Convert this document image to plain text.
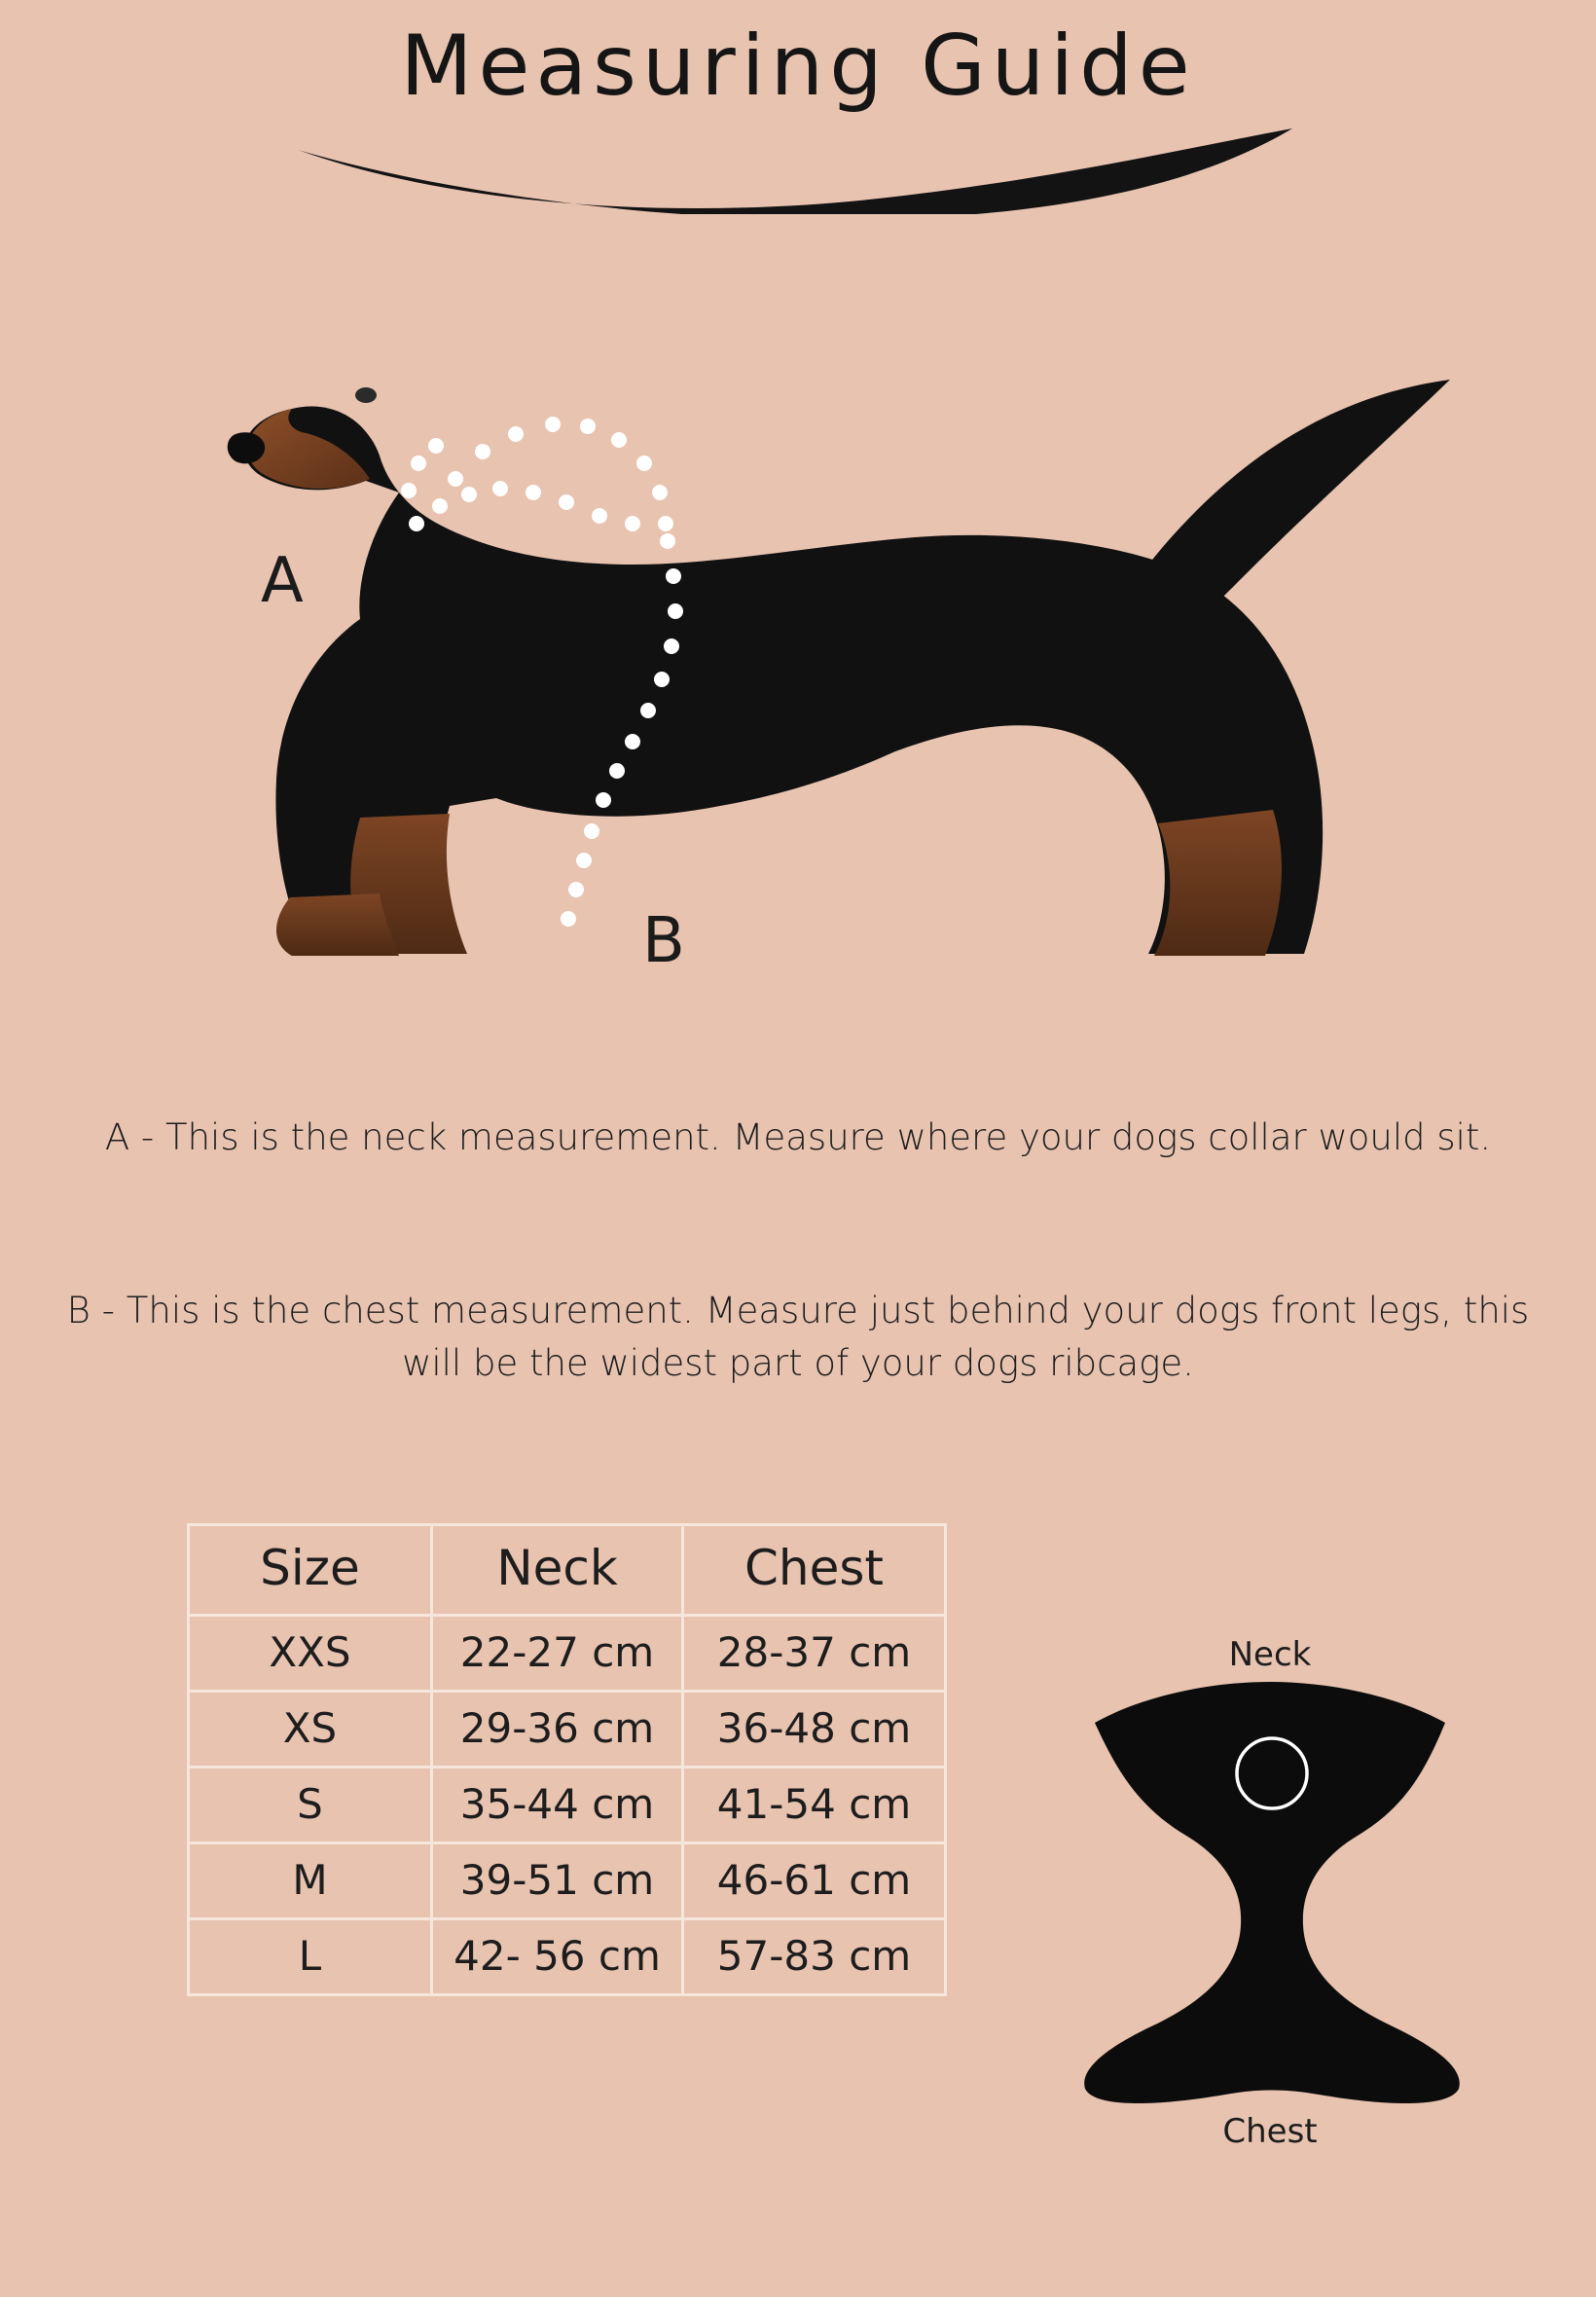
Measuring Guide
A
B
A - This is the neck measurement. Measure where your dogs collar would sit.
B - This is the chest measurement. Measure just behind your dogs front legs, this will be the widest part of your dogs ribcage.
Size	Neck	Chest
XXS	22-27 cm	28-37 cm
XS	29-36 cm	36-48 cm
S	35-44 cm	41-54 cm
M	39-51 cm	46-61 cm
L	42- 56 cm	57-83 cm
Neck
Chest
